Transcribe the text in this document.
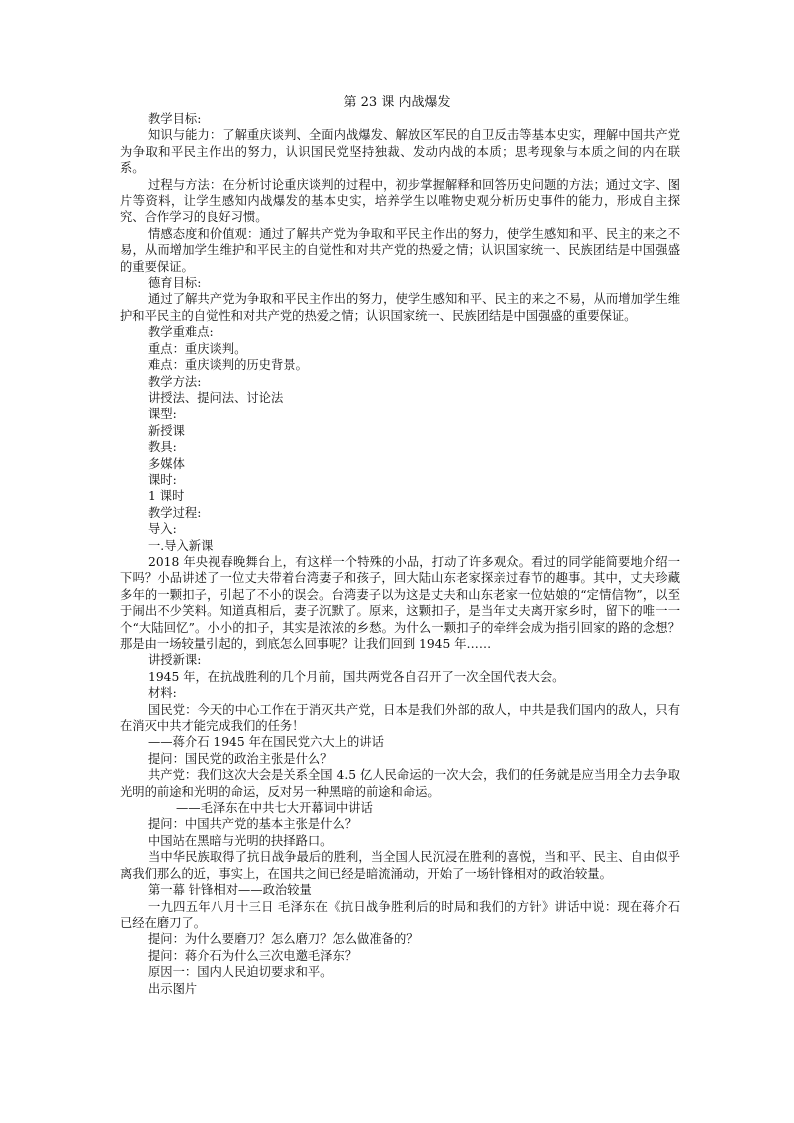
第 23 课 内战爆发

教学目标:

知识与能力：了解重庆谈判、全面内战爆发、解放区军民的自卫反击等基本史实，理解中国共产党为争取和平民主作出的努力，认识国民党坚持独裁、发动内战的本质；思考现象与本质之间的内在联系。

过程与方法：在分析讨论重庆谈判的过程中，初步掌握解释和回答历史问题的方法；通过文字、图片等资料，让学生感知内战爆发的基本史实，培养学生以唯物史观分析历史事件的能力，形成自主探究、合作学习的良好习惯。

情感态度和价值观：通过了解共产党为争取和平民主作出的努力，使学生感知和平、民主的来之不易，从而增加学生维护和平民主的自觉性和对共产党的热爱之情；认识国家统一、民族团结是中国强盛的重要保证。

德育目标:

通过了解共产党为争取和平民主作出的努力，使学生感知和平、民主的来之不易，从而增加学生维护和平民主的自觉性和对共产党的热爱之情；认识国家统一、民族团结是中国强盛的重要保证。

教学重难点:

重点：重庆谈判。

难点：重庆谈判的历史背景。

教学方法:

讲授法、提问法、讨论法

课型:

新授课

教具:

多媒体

课时:

1 课时

教学过程:

导入:

一.导入新课

2018 年央视春晚舞台上，有这样一个特殊的小品，打动了许多观众。看过的同学能简要地介绍一下吗？小品讲述了一位丈夫带着台湾妻子和孩子，回大陆山东老家探亲过春节的趣事。其中，丈夫珍藏多年的一颗扣子，引起了不小的误会。台湾妻子以为这是丈夫和山东老家一位姑娘的“定情信物”，以至于闹出不少笑料。知道真相后，妻子沉默了。原来，这颗扣子，是当年丈夫离开家乡时，留下的唯一一个“大陆回忆”。小小的扣子，其实是浓浓的乡愁。为什么一颗扣子的牵绊会成为指引回家的路的念想？那是由一场较量引起的，到底怎么回事呢？让我们回到 1945 年……

讲授新课:

1945 年，在抗战胜利的几个月前，国共两党各自召开了一次全国代表大会。

材料:

国民党：今天的中心工作在于消灭共产党，日本是我们外部的敌人，中共是我们国内的敌人，只有在消灭中共才能完成我们的任务！

——蒋介石 1945 年在国民党六大上的讲话

提问：国民党的政治主张是什么？

共产党：我们这次大会是关系全国 4.5 亿人民命运的一次大会，我们的任务就是应当用全力去争取光明的前途和光明的命运，反对另一种黑暗的前途和命运。

——毛泽东在中共七大开幕词中讲话

提问：中国共产党的基本主张是什么？

中国站在黑暗与光明的抉择路口。

当中华民族取得了抗日战争最后的胜利，当全国人民沉浸在胜利的喜悦，当和平、民主、自由似乎离我们那么的近，事实上，在国共之间已经是暗流涌动，开始了一场针锋相对的政治较量。

第一幕 针锋相对——政治较量

一九四五年八月十三日 毛泽东在《抗日战争胜利后的时局和我们的方针》讲话中说：现在蒋介石已经在磨刀了。

提问：为什么要磨刀？怎么磨刀？怎么做准备的？

提问：蒋介石为什么三次电邀毛泽东？

原因一：国内人民迫切要求和平。

出示图片
